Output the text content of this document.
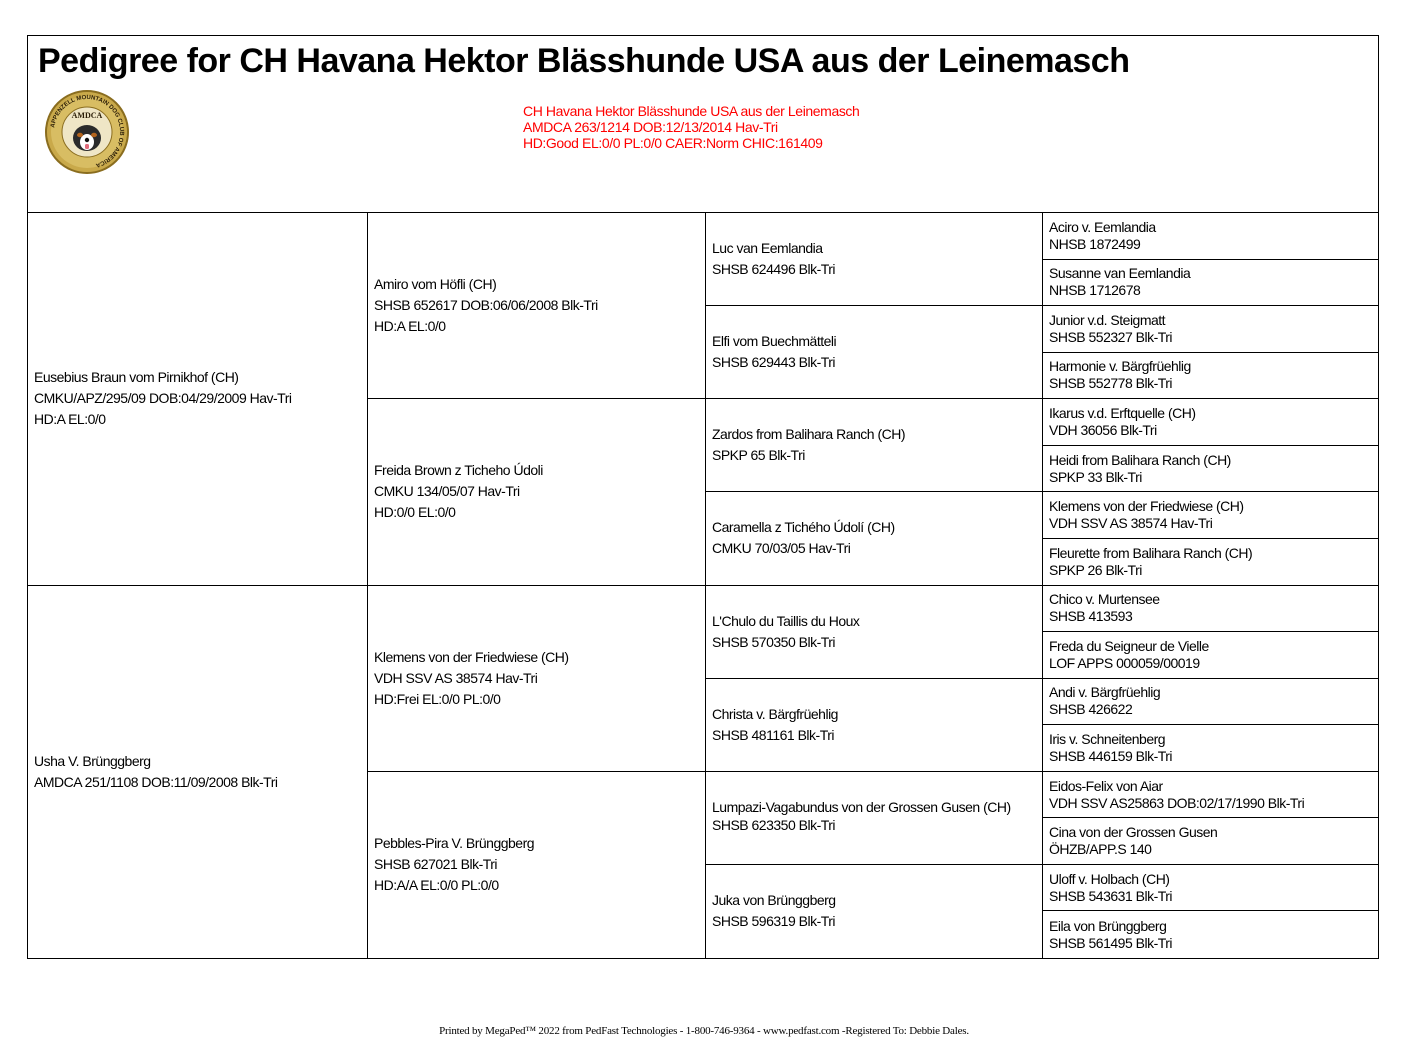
Pedigree for CH Havana Hektor Blässhunde USA aus der Leinemasch
APPENZELL MOUNTAIN DOG CLUB OF AMERICA
AMDCA	CH Havana Hektor Blässhunde USA aus der Leinemasch
AMDCA 263/1214 DOB:12/13/2014 Hav-Tri
HD:Good EL:0/0 PL:0/0 CAER:Norm CHIC:161409
Eusebius Braun vom Pirnikhof (CH)
CMKU/APZ/295/09 DOB:04/29/2009 Hav-Tri
HD:A EL:0/0
Usha V. Brünggberg
AMDCA 251/1108 DOB:11/09/2008 Blk-Tri
Amiro vom Höfli (CH)
SHSB 652617 DOB:06/06/2008 Blk-Tri
HD:A EL:0/0
Freida Brown z Ticheho Údoli
CMKU 134/05/07 Hav-Tri
HD:0/0 EL:0/0
Klemens von der Friedwiese (CH)
VDH SSV AS 38574 Hav-Tri
HD:Frei EL:0/0 PL:0/0
Pebbles-Pira V. Brünggberg
SHSB 627021 Blk-Tri
HD:A/A EL:0/0 PL:0/0
Luc van Eemlandia
SHSB 624496 Blk-Tri
Elfi vom Buechmätteli
SHSB 629443 Blk-Tri
Zardos from Balihara Ranch (CH)
SPKP 65 Blk-Tri
Caramella z Tichého Údolí (CH)
CMKU 70/03/05 Hav-Tri
L'Chulo du Taillis du Houx
SHSB 570350 Blk-Tri
Christa v. Bärgfrüehlig
SHSB 481161 Blk-Tri
Lumpazi-Vagabundus von der Grossen Gusen (CH)
SHSB 623350 Blk-Tri
Juka von Brünggberg
SHSB 596319 Blk-Tri
Aciro v. Eemlandia
NHSB 1872499
Susanne van Eemlandia
NHSB 1712678
Junior v.d. Steigmatt
SHSB 552327 Blk-Tri
Harmonie v. Bärgfrüehlig
SHSB 552778 Blk-Tri
Ikarus v.d. Erftquelle (CH)
VDH 36056 Blk-Tri
Heidi from Balihara Ranch (CH)
SPKP 33 Blk-Tri
Klemens von der Friedwiese (CH)
VDH SSV AS 38574 Hav-Tri
Fleurette from Balihara Ranch (CH)
SPKP 26 Blk-Tri
Chico v. Murtensee
SHSB 413593
Freda du Seigneur de Vielle
LOF APPS 000059/00019
Andi v. Bärgfrüehlig
SHSB 426622
Iris v. Schneitenberg
SHSB 446159 Blk-Tri
Eidos-Felix von Aiar
VDH SSV AS25863 DOB:02/17/1990 Blk-Tri
Cina von der Grossen Gusen
ÖHZB/APP.S 140
Uloff v. Holbach (CH)
SHSB 543631 Blk-Tri
Eila von Brünggberg
SHSB 561495 Blk-Tri
Printed by MegaPed™ 2022 from PedFast Technologies - 1-800-746-9364 - www.pedfast.com -Registered To: Debbie Dales.
